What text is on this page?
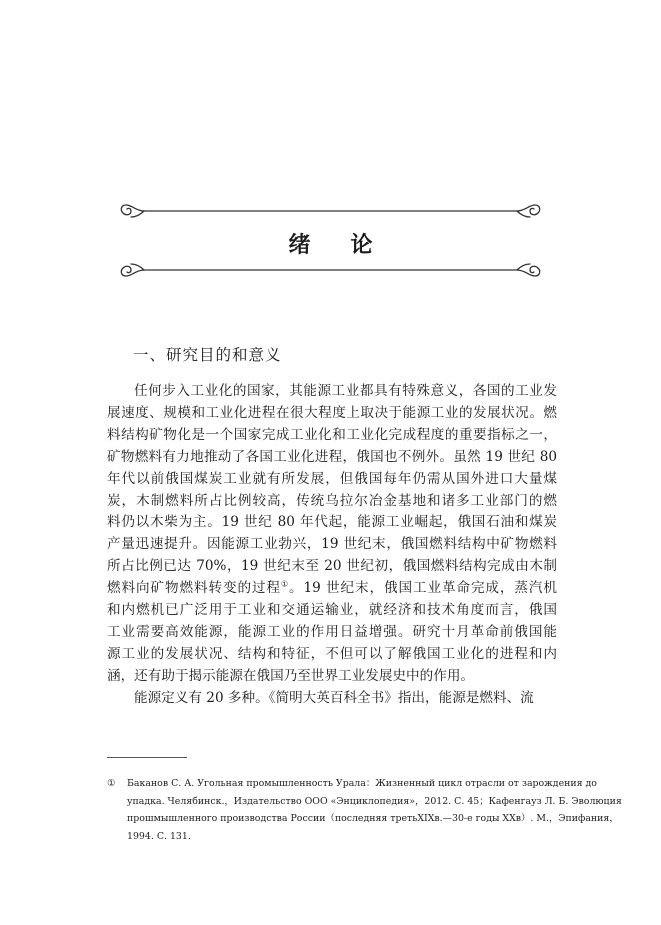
绪论
一、研究目的和意义
任何步入工业化的国家，其能源工业都具有特殊意义，各国的工业发
展速度、规模和工业化进程在很大程度上取决于能源工业的发展状况。燃
料结构矿物化是一个国家完成工业化和工业化完成程度的重要指标之一，
矿物燃料有力地推动了各国工业化进程，俄国也不例外。虽然 19 世纪 80
年代以前俄国煤炭工业就有所发展，但俄国每年仍需从国外进口大量煤
炭，木制燃料所占比例较高，传统乌拉尔冶金基地和诸多工业部门的燃
料仍以木柴为主。19 世纪 80 年代起，能源工业崛起，俄国石油和煤炭
产量迅速提升。因能源工业勃兴，19 世纪末，俄国燃料结构中矿物燃料
所占比例已达 70%，19 世纪末至 20 世纪初，俄国燃料结构完成由木制
燃料向矿物燃料转变的过程①。19 世纪末，俄国工业革命完成，蒸汽机
和内燃机已广泛用于工业和交通运输业，就经济和技术角度而言，俄国
工业需要高效能源，能源工业的作用日益增强。研究十月革命前俄国能
源工业的发展状况、结构和特征，不但可以了解俄国工业化的进程和内
涵，还有助于揭示能源在俄国乃至世界工业发展史中的作用。
能源定义有 20 多种。《简明大英百科全书》指出，能源是燃料、流
① Баканов С. А. Угольная промышленность Урала：Жизненный цикл отрасли от зарождения до
упадка. Челябинск.，Издательство ООО «Энциклопедия»，2012. С. 45；Кафенгауз Л. Б. Эволюция
прошмышленного производства России（последняя третьXIXв.—30-е годы XXв）. М.，Эпифания，
1994. С. 131.
